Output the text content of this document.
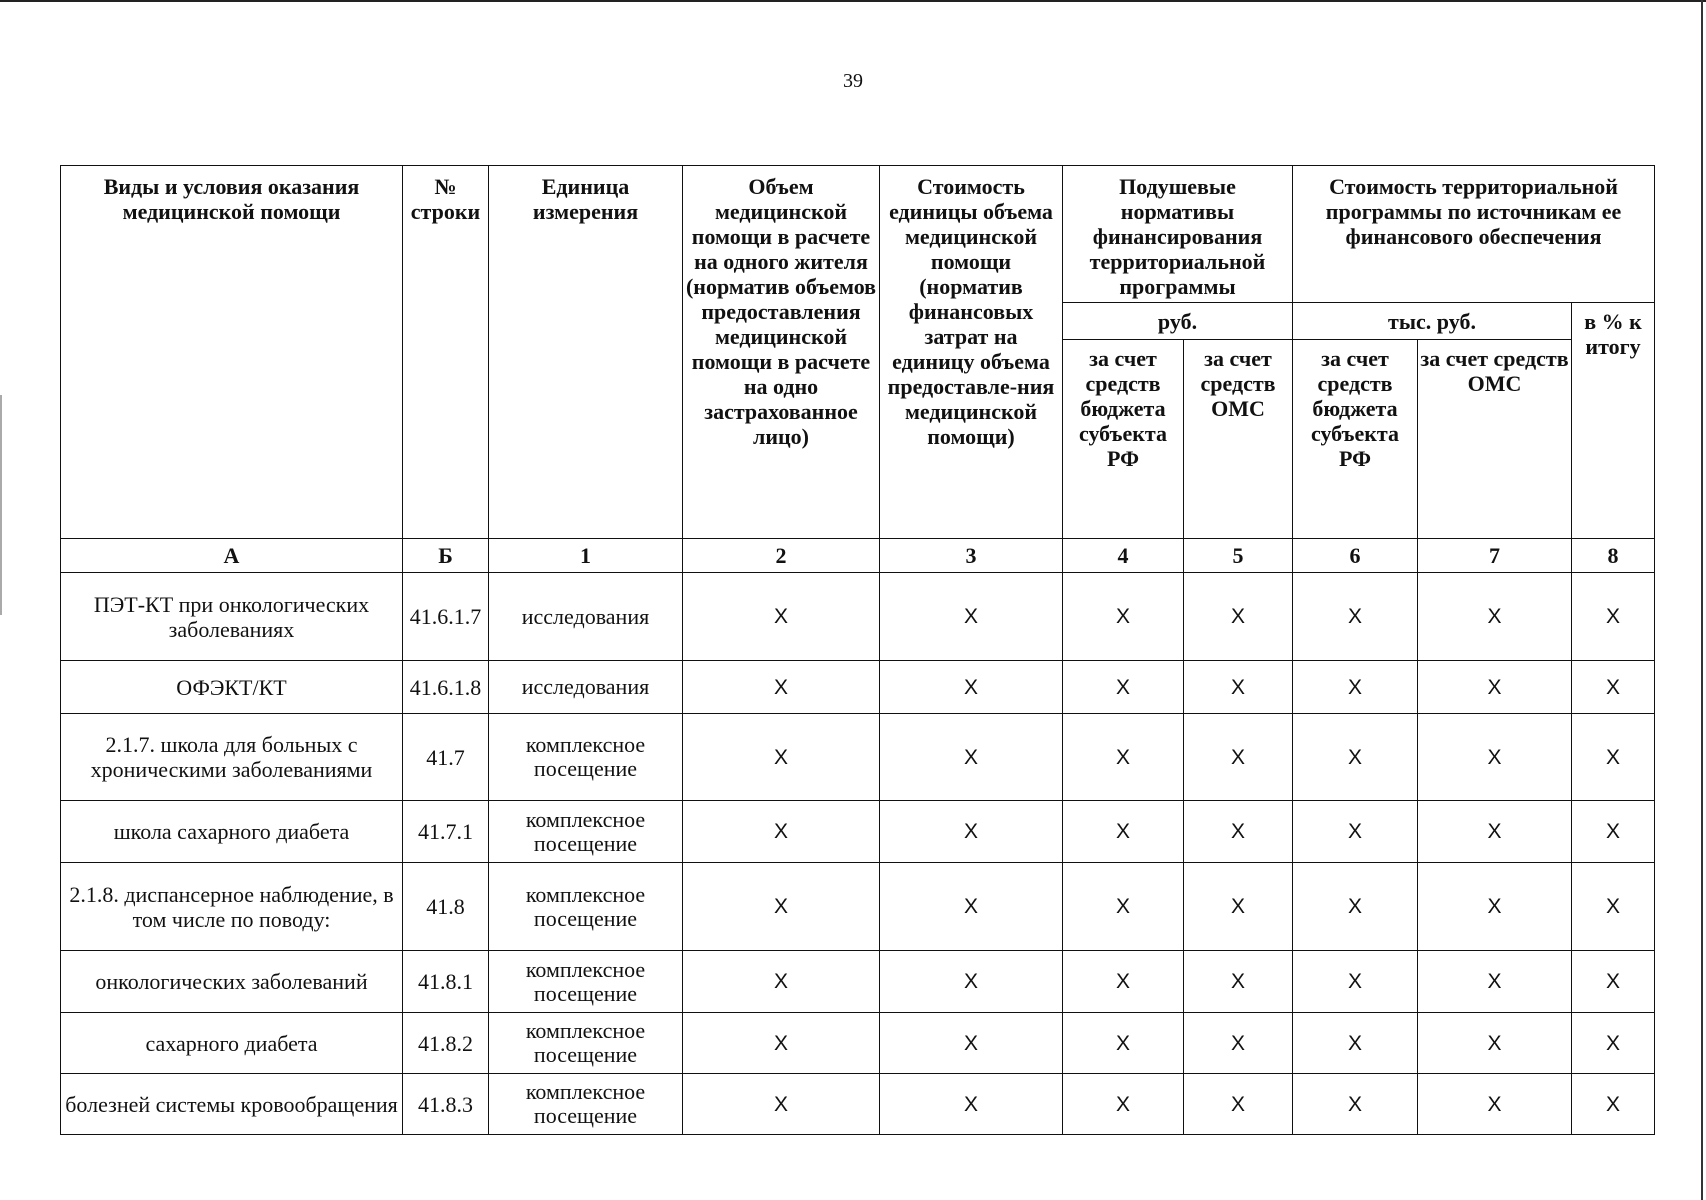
39
Виды и условия оказания медицинской помощи	№ строки	Единица измерения	Объем медицинской помощи в расчете на одного жителя (норматив объемов предоставления медицинской помощи в расчете на одно застрахованное лицо)	Стоимость единицы объема медицинской помощи (норматив финансовых затрат на единицу объема предоставле-ния медицинской помощи)	Подушевые нормативы финансирования территориальной программы		Стоимость территориальной программы по источникам ее финансового обеспечения		
					руб.		тыс. руб.		в % к итогу
					за счет средств бюджета субъекта РФ	за счет средств ОМС	за счет средств бюджета субъекта РФ	за счет средств ОМС	
А	Б	1	2	3	4	5	6	7	8
ПЭТ-КТ при онкологических заболеваниях	41.6.1.7	исследования	X	X	X	X	X	X	X
ОФЭКТ/КТ	41.6.1.8	исследования	X	X	X	X	X	X	X
2.1.7. школа для больных с хроническими заболеваниями	41.7	комплексное посещение	X	X	X	X	X	X	X
школа сахарного диабета	41.7.1	комплексное посещение	X	X	X	X	X	X	X
2.1.8. диспансерное наблюдение, в том числе по поводу:	41.8	комплексное посещение	X	X	X	X	X	X	X
онкологических заболеваний	41.8.1	комплексное посещение	X	X	X	X	X	X	X
сахарного диабета	41.8.2	комплексное посещение	X	X	X	X	X	X	X
болезней системы кровообращения	41.8.3	комплексное посещение	X	X	X	X	X	X	X
